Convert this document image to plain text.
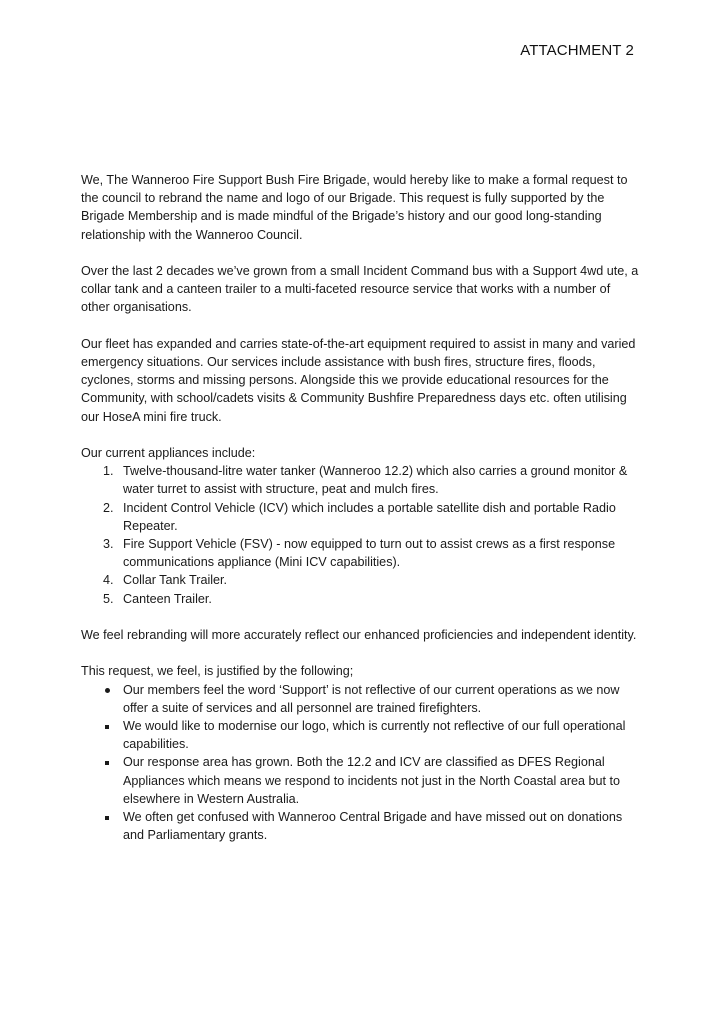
ATTACHMENT 2

We, The Wanneroo Fire Support Bush Fire Brigade, would hereby like to make a formal request to the council to rebrand the name and logo of our Brigade. This request is fully supported by the Brigade Membership and is made mindful of the Brigade’s history and our good long-standing relationship with the Wanneroo Council.

Over the last 2 decades we’ve grown from a small Incident Command bus with a Support 4wd ute, a collar tank and a canteen trailer to a multi-faceted resource service that works with a number of other organisations.

Our fleet has expanded and carries state-of-the-art equipment required to assist in many and varied emergency situations. Our services include assistance with bush fires, structure fires, floods, cyclones, storms and missing persons. Alongside this we provide educational resources for the Community, with school/cadets visits & Community Bushfire Preparedness days etc. often utilising our HoseA mini fire truck.

Our current appliances include:

1. Twelve-thousand-litre water tanker (Wanneroo 12.2) which also carries a ground monitor & water turret to assist with structure, peat and mulch fires.
2. Incident Control Vehicle (ICV) which includes a portable satellite dish and portable Radio Repeater.
3. Fire Support Vehicle (FSV) - now equipped to turn out to assist crews as a first response communications appliance (Mini ICV capabilities).
4. Collar Tank Trailer.
5. Canteen Trailer.

We feel rebranding will more accurately reflect our enhanced proficiencies and independent identity.

This request, we feel, is justified by the following;

Our members feel the word ‘Support’ is not reflective of our current operations as we now offer a suite of services and all personnel are trained firefighters.
We would like to modernise our logo, which is currently not reflective of our full operational capabilities.
Our response area has grown. Both the 12.2 and ICV are classified as DFES Regional Appliances which means we respond to incidents not just in the North Coastal area but to elsewhere in Western Australia.
We often get confused with Wanneroo Central Brigade and have missed out on donations and Parliamentary grants.
